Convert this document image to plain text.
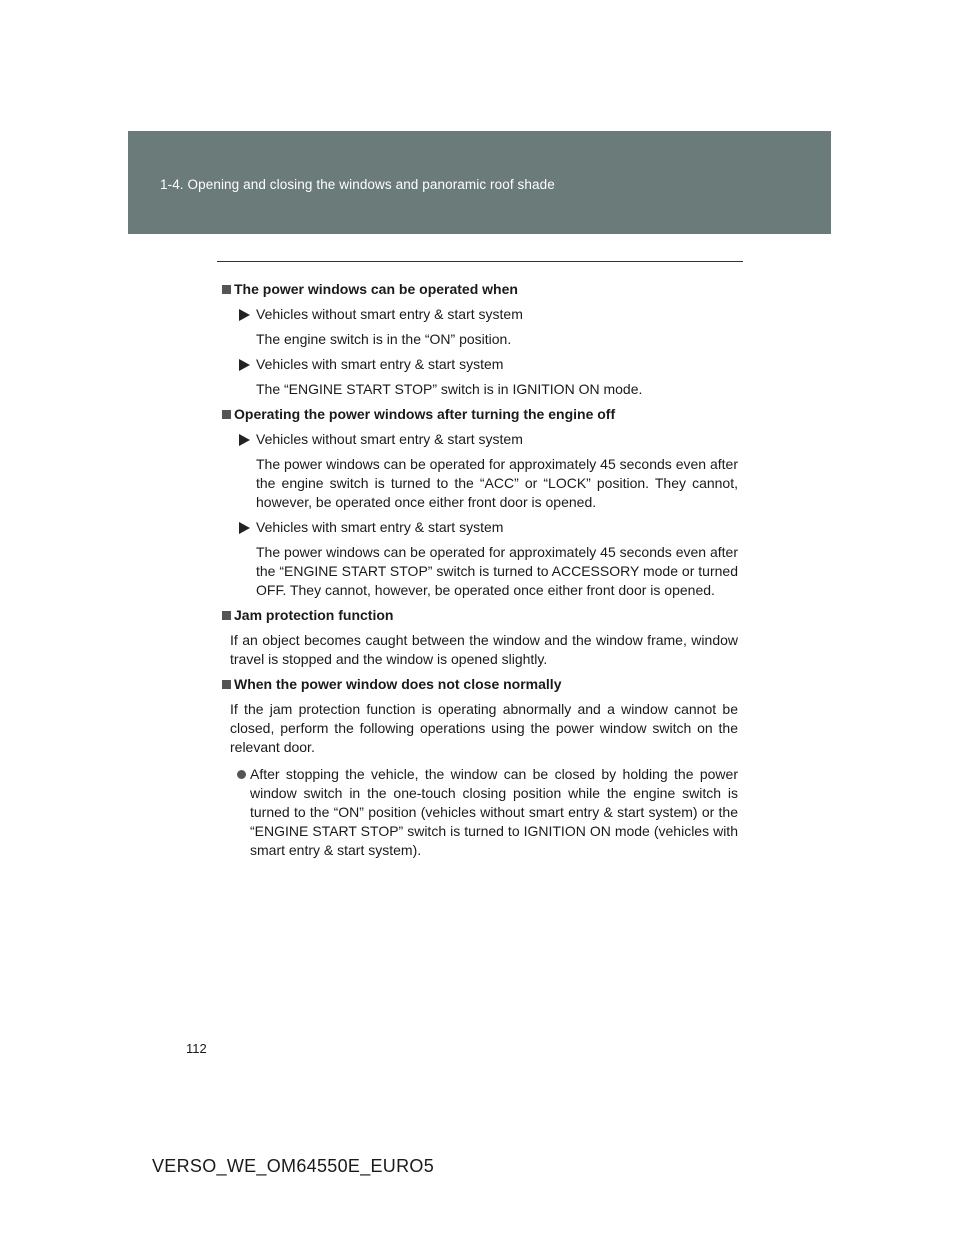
1-4. Opening and closing the windows and panoramic roof shade
The power windows can be operated when
Vehicles without smart entry & start system
The engine switch is in the “ON” position.
Vehicles with smart entry & start system
The “ENGINE START STOP” switch is in IGNITION ON mode.
Operating the power windows after turning the engine off
Vehicles without smart entry & start system
The power windows can be operated for approximately 45 seconds even after the engine switch is turned to the “ACC” or “LOCK” position. They cannot, however, be operated once either front door is opened.
Vehicles with smart entry & start system
The power windows can be operated for approximately 45 seconds even after the “ENGINE START STOP” switch is turned to ACCESSORY mode or turned OFF. They cannot, however, be operated once either front door is opened.
Jam protection function
If an object becomes caught between the window and the window frame, window travel is stopped and the window is opened slightly.
When the power window does not close normally
If the jam protection function is operating abnormally and a window cannot be closed, perform the following operations using the power window switch on the relevant door.
After stopping the vehicle, the window can be closed by holding the power window switch in the one-touch closing position while the engine switch is turned to the “ON” position (vehicles without smart entry & start system) or the “ENGINE START STOP” switch is turned to IGNITION ON mode (vehicles with smart entry & start system).
112
VERSO_WE_OM64550E_EURO5
